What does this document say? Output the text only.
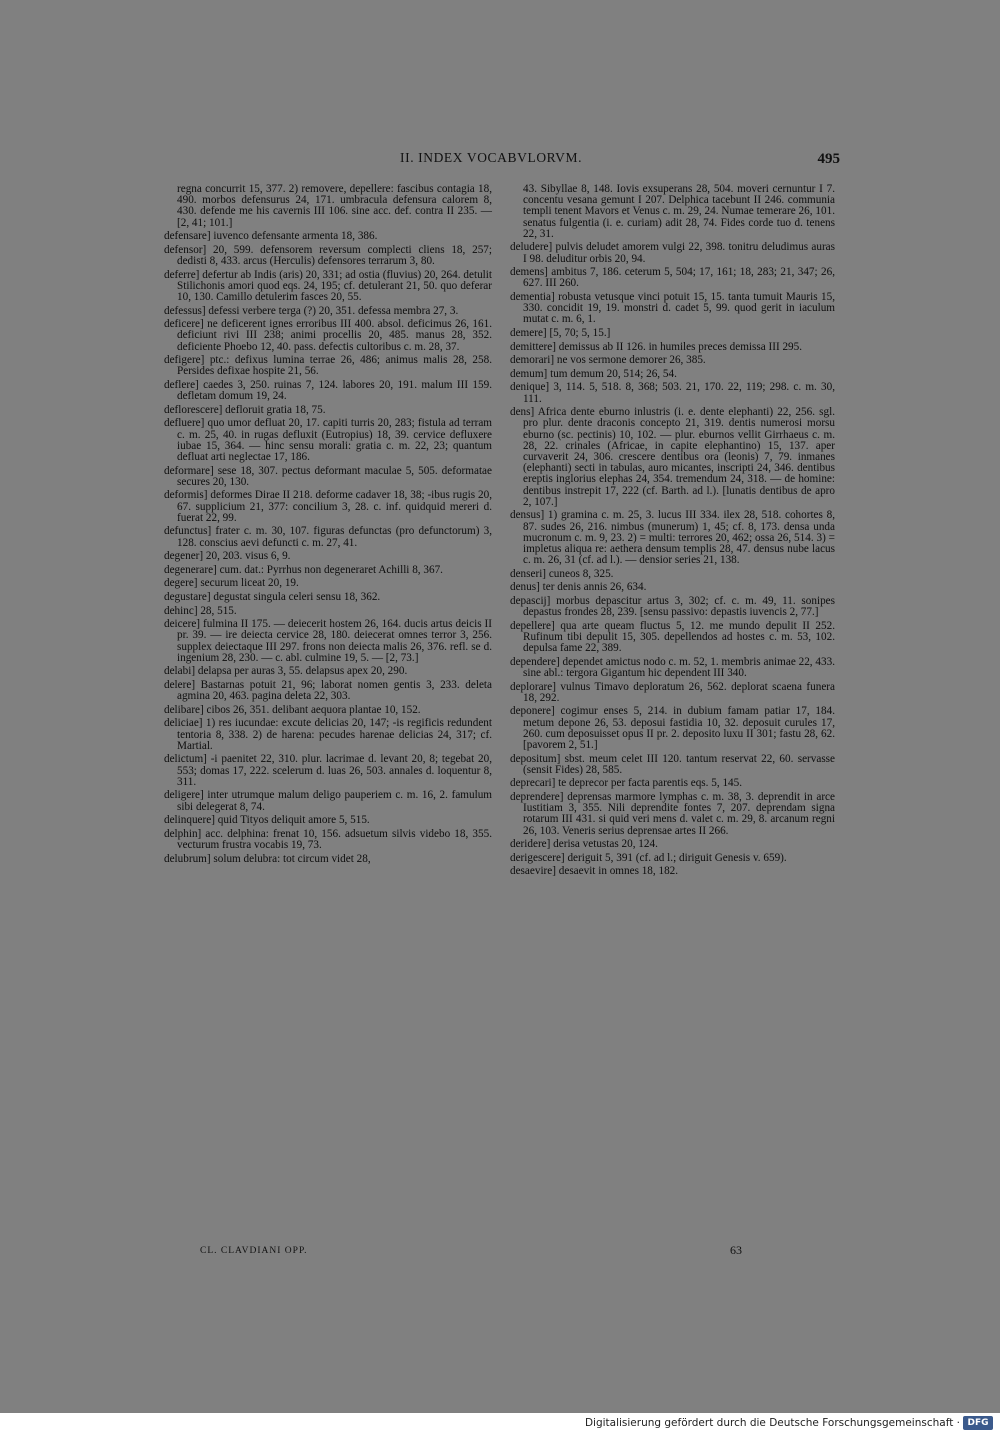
II. INDEX VOCABVLORVM.	495

regna concurrit 15, 377. 2) removere, depellere: fascibus contagia 18, 490. morbos defensurus 24, 171. umbracula defensura calorem 8, 430. defende me his cavernis III 106. sine acc. def. contra II 235. — [2, 41; 101.]

defensare] iuvenco defensante armenta 18, 386.

defensor] 20, 599. defensorem reversum complecti cliens 18, 257; dedisti 8, 433. arcus (Herculis) defensores terrarum 3, 80.

deferre] defertur ab Indis (aris) 20, 331; ad ostia (fluvius) 20, 264. detulit Stilichonis amori quod eqs. 24, 195; cf. detulerant 21, 50. quo deferar 10, 130. Camillo detulerim fasces 20, 55.

defessus] defessi verbere terga (?) 20, 351. defessa membra 27, 3.

deficere] ne deficerent ignes erroribus III 400. absol. deficimus 26, 161. deficiunt rivi III 238; animi procellis 20, 485. manus 28, 352. deficiente Phoebo 12, 40. pass. defectis cultoribus c. m. 28, 37.

defigere] ptc.: defixus lumina terrae 26, 486; animus malis 28, 258. Persides defixae hospite 21, 56.

deflere] caedes 3, 250. ruinas 7, 124. labores 20, 191. malum III 159. defletam domum 19, 24.

deflorescere] defloruit gratia 18, 75.

defluere] quo umor defluat 20, 17. capiti turris 20, 283; fistula ad terram c. m. 25, 40. in rugas defluxit (Eutropius) 18, 39. cervice defluxere iubae 15, 364. — hinc sensu morali: gratia c. m. 22, 23; quantum defluat arti neglectae 17, 186.

deformare] sese 18, 307. pectus deformant maculae 5, 505. deformatae secures 20, 130.

deformis] deformes Dirae II 218. deforme cadaver 18, 38; -ibus rugis 20, 67. supplicium 21, 377: concilium 3, 28. c. inf. quidquid mereri d. fuerat 22, 99.

defunctus] frater c. m. 30, 107. figuras defunctas (pro defunctorum) 3, 128. conscius aevi defuncti c. m. 27, 41.

degener] 20, 203. visus 6, 9.

degenerare] cum. dat.: Pyrrhus non degeneraret Achilli 8, 367.

degere] securum liceat 20, 19.

degustare] degustat singula celeri sensu 18, 362.

dehinc] 28, 515.

deicere] fulmina II 175. — deiecerit hostem 26, 164. ducis artus deicis II pr. 39. — ire deiecta cervice 28, 180. deiecerat omnes terror 3, 256. supplex deiectaque III 297. frons non deiecta malis 26, 376. refl. se d. ingenium 28, 230. — c. abl. culmine 19, 5. — [2, 73.]

delabi] delapsa per auras 3, 55. delapsus apex 20, 290.

delere] Bastarnas potuit 21, 96; laborat nomen gentis 3, 233. deleta agmina 20, 463. pagina deleta 22, 303.

delibare] cibos 26, 351. delibant aequora plantae 10, 152.

deliciae] 1) res iucundae: excute delicias 20, 147; -is regificis redundent tentoria 8, 338. 2) de harena: pecudes harenae delicias 24, 317; cf. Martial.

delictum] -i paenitet 22, 310. plur. lacrimae d. levant 20, 8; tegebat 20, 553; domas 17, 222. scelerum d. luas 26, 503. annales d. loquentur 8, 311.

deligere] inter utrumque malum deligo pauperiem c. m. 16, 2. famulum sibi delegerat 8, 74.

delinquere] quid Tityos deliquit amore 5, 515.

delphin] acc. delphina: frenat 10, 156. adsuetum silvis videbo 18, 355. vecturum frustra vocabis 19, 73.

delubrum] solum delubra: tot circum videt 28,

43. Sibyllae 8, 148. Iovis exsuperans 28, 504. moveri cernuntur I 7. concentu vesana gemunt I 207. Delphica tacebunt II 246. communia templi tenent Mavors et Venus c. m. 29, 24. Numae temerare 26, 101. senatus fulgentia (i. e. curiam) adit 28, 74. Fides corde tuo d. tenens 22, 31.

deludere] pulvis deludet amorem vulgi 22, 398. tonitru deludimus auras I 98. deluditur orbis 20, 94.

demens] ambitus 7, 186. ceterum 5, 504; 17, 161; 18, 283; 21, 347; 26, 627. III 260.

dementia] robusta vetusque vinci potuit 15, 15. tanta tumuit Mauris 15, 330. concidit 19, 19. monstri d. cadet 5, 99. quod gerit in iaculum mutat c. m. 6, 1.

demere] [5, 70; 5, 15.]

demittere] demissus ab II 126. in humiles preces demissa III 295.

demorari] ne vos sermone demorer 26, 385.

demum] tum demum 20, 514; 26, 54.

denique] 3, 114. 5, 518. 8, 368; 503. 21, 170. 22, 119; 298. c. m. 30, 111.

dens] Africa dente eburno inlustris (i. e. dente elephanti) 22, 256. sgl. pro plur. dente draconis concepto 21, 319. dentis numerosi morsu eburno (sc. pectinis) 10, 102. — plur. eburnos vellit Girrhaeus c. m. 28, 22. crinales (Africae, in capite elephantino) 15, 137. aper curvaverit 24, 306. crescere dentibus ora (leonis) 7, 79. inmanes (elephanti) secti in tabulas, auro micantes, inscripti 24, 346. dentibus ereptis inglorius elephas 24, 354. tremendum 24, 318. — de homine: dentibus instrepit 17, 222 (cf. Barth. ad l.). [lunatis dentibus de apro 2, 107.]

densus] 1) gramina c. m. 25, 3. lucus III 334. ilex 28, 518. cohortes 8, 87. sudes 26, 216. nimbus (munerum) 1, 45; cf. 8, 173. densa unda mucronum c. m. 9, 23. 2) = multi: terrores 20, 462; ossa 26, 514. 3) = impletus aliqua re: aethera densum templis 28, 47. densus nube lacus c. m. 26, 31 (cf. ad l.). — densior series 21, 138.

denseri] cuneos 8, 325.

denus] ter denis annis 26, 634.

depascij] morbus depascitur artus 3, 302; cf. c. m. 49, 11. sonipes depastus frondes 28, 239. [sensu passivo: depastis iuvencis 2, 77.]

depellere] qua arte queam fluctus 5, 12. me mundo depulit II 252. Rufinum tibi depulit 15, 305. depellendos ad hostes c. m. 53, 102. depulsa fame 22, 389.

dependere] dependet amictus nodo c. m. 52, 1. membris animae 22, 433. sine abl.: tergora Gigantum hic dependent III 340.

deplorare] vulnus Timavo deploratum 26, 562. deplorat scaena funera 18, 292.

deponere] cogimur enses 5, 214. in dubium famam patiar 17, 184. metum depone 26, 53. deposui fastidia 10, 32. deposuit curules 17, 260. cum deposuisset opus II pr. 2. deposito luxu II 301; fastu 28, 62. [pavorem 2, 51.]

depositum] sbst. meum celet III 120. tantum reservat 22, 60. servasse (sensit Fides) 28, 585.

deprecari] te deprecor per facta parentis eqs. 5, 145.

deprendere] deprensas marmore lymphas c. m. 38, 3. deprendit in arce Iustitiam 3, 355. Nili deprendite fontes 7, 207. deprendam signa rotarum III 431. si quid veri mens d. valet c. m. 29, 8. arcanum regni 26, 103. Veneris serius deprensae artes II 266.

deridere] derisa vetustas 20, 124.

derigescere] deriguit 5, 391 (cf. ad l.; diriguit Genesis v. 659).

desaevire] desaevit in omnes 18, 182.

CL. CLAVDIANI OPP.	63
Digitalisierung gefördert durch die Deutsche Forschungsgemeinschaft · DFG
